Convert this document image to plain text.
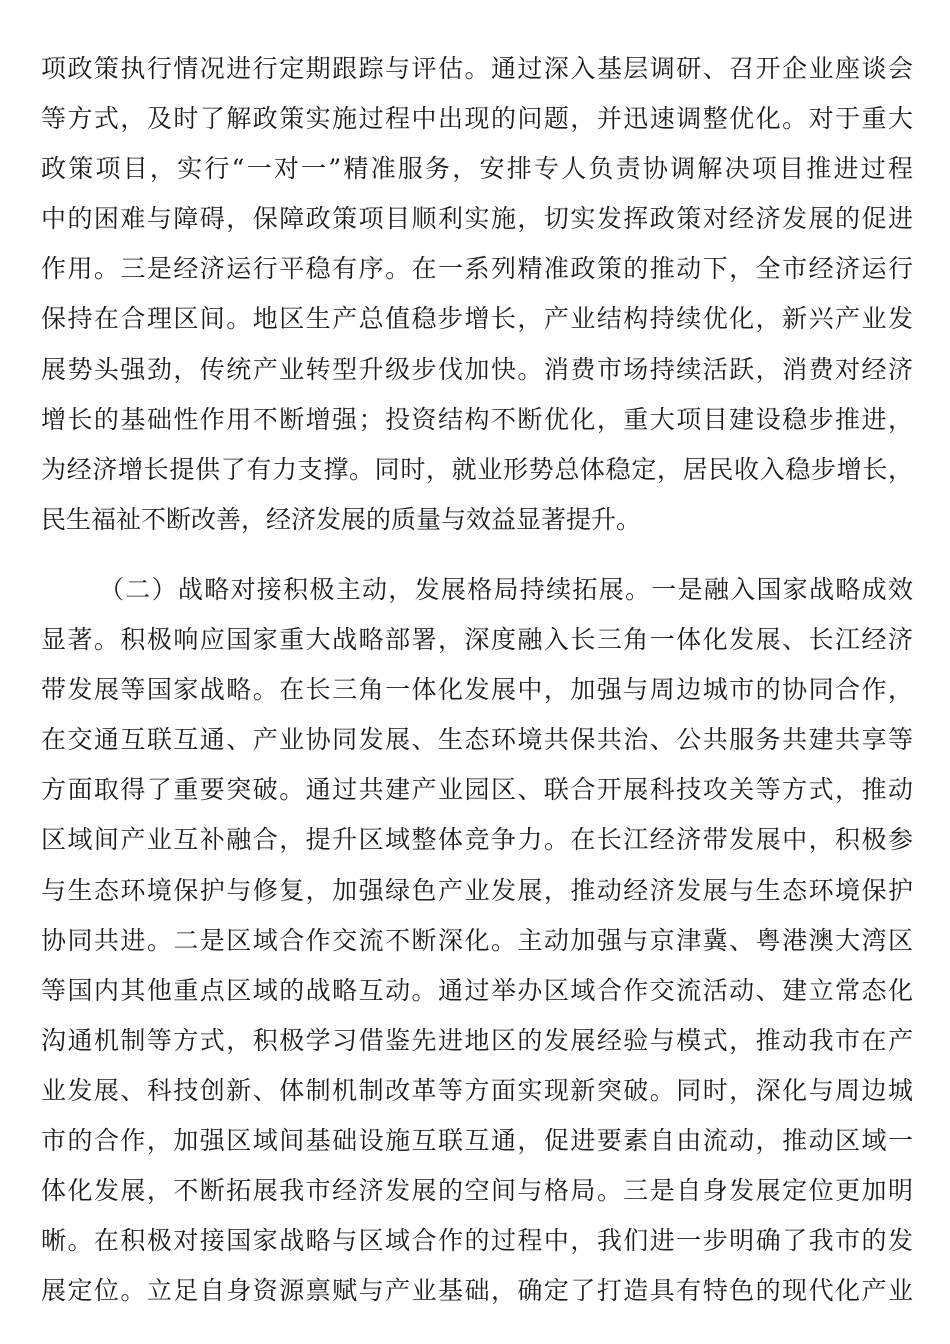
项政策执行情况进行定期跟踪与评估。通过深入基层调研、召开企业座谈会
等方式，及时了解政策实施过程中出现的问题，并迅速调整优化。对于重大
政策项目，实行“一对一”精准服务，安排专人负责协调解决项目推进过程
中的困难与障碍，保障政策项目顺利实施，切实发挥政策对经济发展的促进
作用。三是经济运行平稳有序。在一系列精准政策的推动下，全市经济运行
保持在合理区间。地区生产总值稳步增长，产业结构持续优化，新兴产业发
展势头强劲，传统产业转型升级步伐加快。消费市场持续活跃，消费对经济
增长的基础性作用不断增强；投资结构不断优化，重大项目建设稳步推进，
为经济增长提供了有力支撑。同时，就业形势总体稳定，居民收入稳步增长，
民生福祉不断改善，经济发展的质量与效益显著提升。
（二）战略对接积极主动，发展格局持续拓展。一是融入国家战略成效
显著。积极响应国家重大战略部署，深度融入长三角一体化发展、长江经济
带发展等国家战略。在长三角一体化发展中，加强与周边城市的协同合作，
在交通互联互通、产业协同发展、生态环境共保共治、公共服务共建共享等
方面取得了重要突破。通过共建产业园区、联合开展科技攻关等方式，推动
区域间产业互补融合，提升区域整体竞争力。在长江经济带发展中，积极参
与生态环境保护与修复，加强绿色产业发展，推动经济发展与生态环境保护
协同共进。二是区域合作交流不断深化。主动加强与京津冀、粤港澳大湾区
等国内其他重点区域的战略互动。通过举办区域合作交流活动、建立常态化
沟通机制等方式，积极学习借鉴先进地区的发展经验与模式，推动我市在产
业发展、科技创新、体制机制改革等方面实现新突破。同时，深化与周边城
市的合作，加强区域间基础设施互联互通，促进要素自由流动，推动区域一
体化发展，不断拓展我市经济发展的空间与格局。三是自身发展定位更加明
晰。在积极对接国家战略与区域合作的过程中，我们进一步明确了我市的发
展定位。立足自身资源禀赋与产业基础，确定了打造具有特色的现代化产业
